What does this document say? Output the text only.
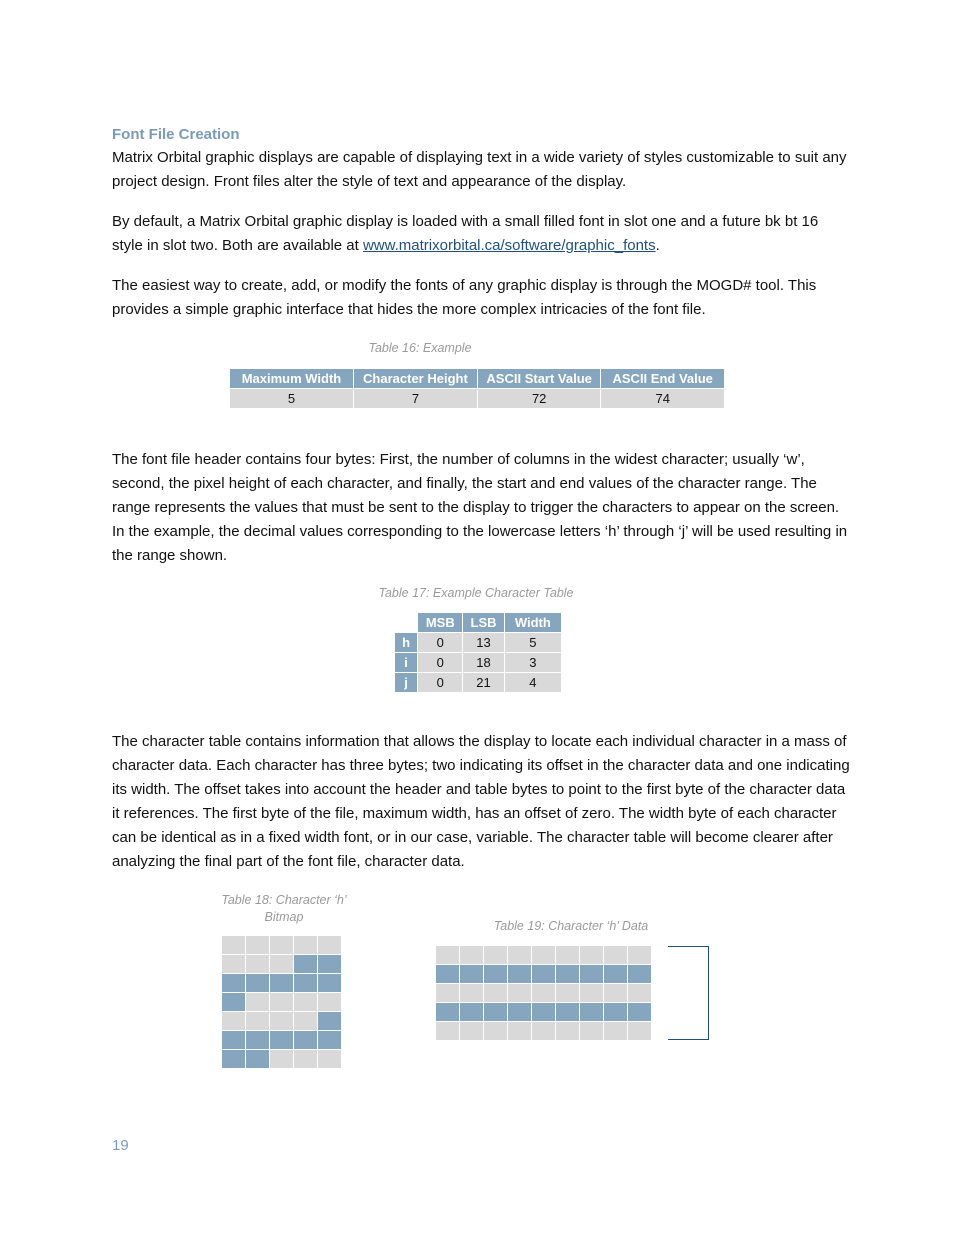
Font File Creation

Matrix Orbital graphic displays are capable of displaying text in a wide variety of styles customizable to suit any project design. Front files alter the style of text and appearance of the display.

By default, a Matrix Orbital graphic display is loaded with a small filled font in slot one and a future bk bt 16 style in slot two. Both are available at www.matrixorbital.ca/software/graphic_fonts.

The easiest way to create, add, or modify the fonts of any graphic display is through the MOGD# tool. This provides a simple graphic interface that hides the more complex intricacies of the font file.

Table 16: Example
Maximum Width	Character Height	ASCII Start Value	ASCII End Value
5	7	72	74

The font file header contains four bytes: First, the number of columns in the widest character; usually ‘w’, second, the pixel height of each character, and finally, the start and end values of the character range. The range represents the values that must be sent to the display to trigger the characters to appear on the screen. In the example, the decimal values corresponding to the lowercase letters ‘h’ through ‘j’ will be used resulting in the range shown.

Table 17: Example Character Table
	MSB	LSB	Width
h	0	13	5
i	0	18	3
j	0	21	4

The character table contains information that allows the display to locate each individual character in a mass of character data. Each character has three bytes; two indicating its offset in the character data and one indicating its width. The offset takes into account the header and table bytes to point to the first byte of the character data it references. The first byte of the file, maximum width, has an offset of zero. The width byte of each character can be identical as in a fixed width font, or in our case, variable. The character table will become clearer after analyzing the final part of the font file, character data.

Table 18: Character ‘h’ Bitmap
Table 19: Character ‘h’ Data
19
